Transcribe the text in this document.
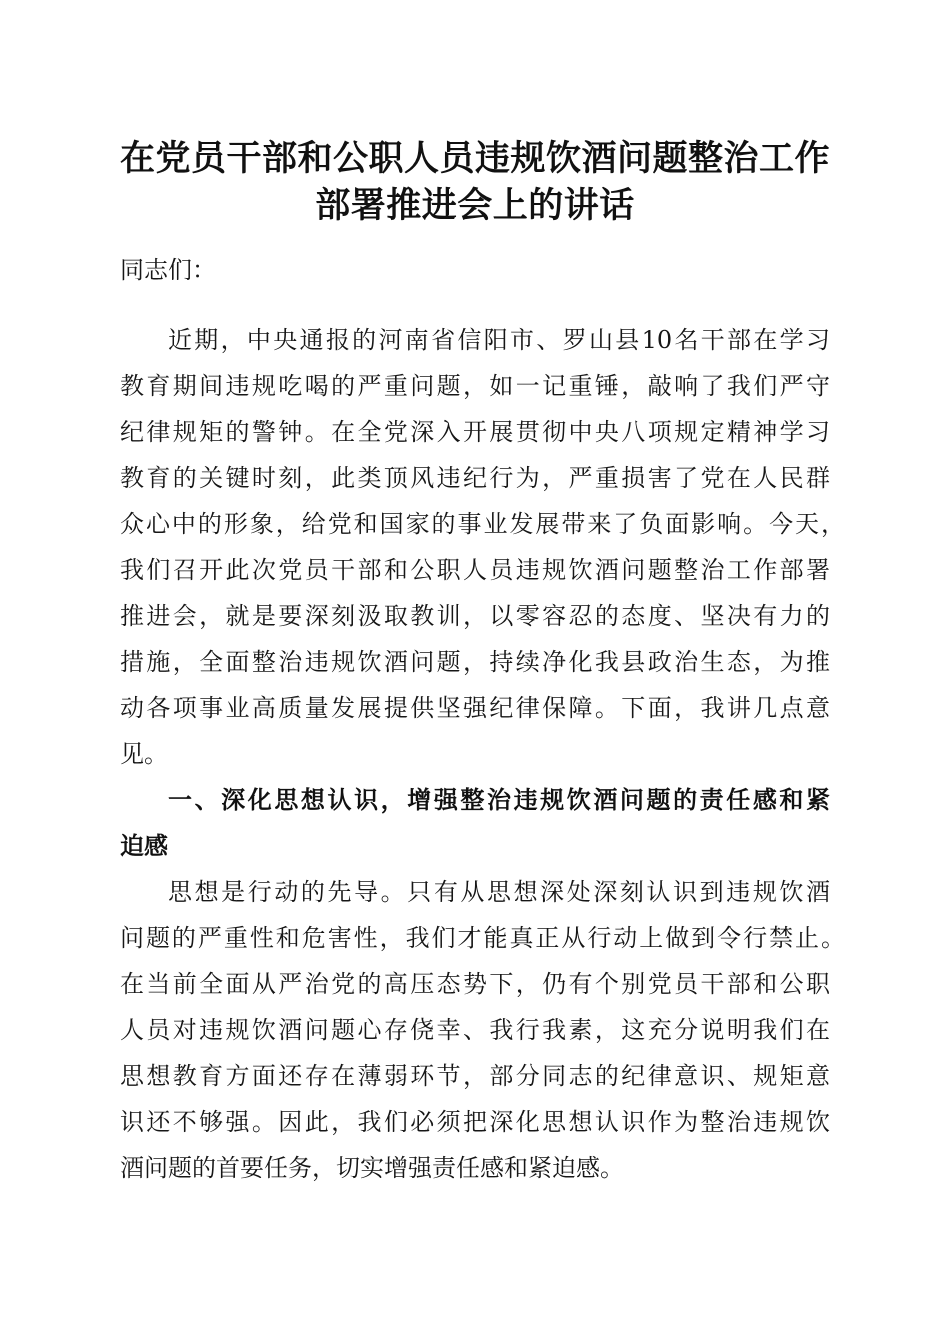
在党员干部和公职人员违规饮酒问题整治工作
部署推进会上的讲话
同志们：
近期，中央通报的河南省信阳市、罗山县10名干部在学习
教育期间违规吃喝的严重问题，如一记重锤，敲响了我们严守
纪律规矩的警钟。在全党深入开展贯彻中央八项规定精神学习
教育的关键时刻，此类顶风违纪行为，严重损害了党在人民群
众心中的形象，给党和国家的事业发展带来了负面影响。今天，
我们召开此次党员干部和公职人员违规饮酒问题整治工作部署
推进会，就是要深刻汲取教训，以零容忍的态度、坚决有力的
措施，全面整治违规饮酒问题，持续净化我县政治生态，为推
动各项事业高质量发展提供坚强纪律保障。下面，我讲几点意
见。
一、深化思想认识，增强整治违规饮酒问题的责任感和紧
迫感
思想是行动的先导。只有从思想深处深刻认识到违规饮酒
问题的严重性和危害性，我们才能真正从行动上做到令行禁止。
在当前全面从严治党的高压态势下，仍有个别党员干部和公职
人员对违规饮酒问题心存侥幸、我行我素，这充分说明我们在
思想教育方面还存在薄弱环节，部分同志的纪律意识、规矩意
识还不够强。因此，我们必须把深化思想认识作为整治违规饮
酒问题的首要任务，切实增强责任感和紧迫感。
